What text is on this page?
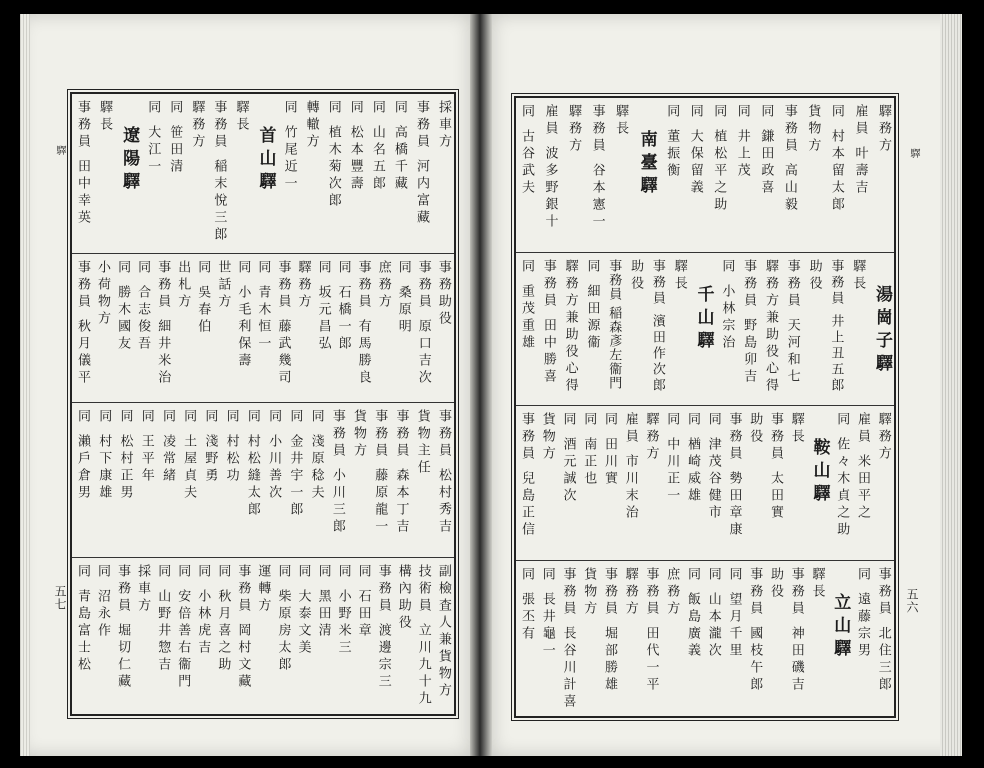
驛
五七
驛
五六
採車方
事務員 河内富藏
同 高橋千藏
同 山名五郎
同 松本豐壽
同 植木菊次郎
轉轍方
同 竹尾近一
首山驛
驛長
事務員 稲末悅三郎
驛務方
同 笹田清
同 大江一
遼陽驛
驛長
事務員 田中幸英
事務助役
事務員 原口吉次
同 桑原明
庶務方
事務員 有馬勝良
同 石橋一郎
同 坂元昌弘
驛務方
事務員 藤武幾司
同 青木恒一
同 小毛利保壽
世話方
同 吳春伯
出札方
事務員 細井米治
同 合志俊吾
同 勝木國友
小荷物方
事務員 秋月儀平
事務員 松村秀吉
貨物主任
事務員 森本丁吉
事務員 藤原龍一
貨物方
事務員 小川三郎
同 淺原稔夫
同 金井宇一郎
同 小川善次
同 村松縫太郎
同 村松功
同 淺野勇
同 土屋貞夫
同 凌常緒
同 王平年
同 松村正男
同 村下康雄
同 瀨戶倉男
副檢査人兼貨物方
技術員 立川九十九
構內助役
事務員 渡邊宗三
同 石田章
同 小野米三
同 黑田清
同 大泰文美
同 柴原房太郎
運轉方
事務員 岡村文藏
同 秋月喜之助
同 小林虎吉
同 安倍善右衞門
同 山野井惣吉
採車方
事務員 堀切仁藏
同 沼永作
同 青島富士松
驛務方
雇員 叶壽吉
同 村本留太郎
貨物方
事務員 高山毅
同 鎌田政喜
同 井上茂
同 植松平之助
同 大保留義
同 董振衡
南臺驛
驛長
事務員 谷本憲一
驛務方
雇員 波多野銀十
同 古谷武夫
湯崗子驛
驛長
事務員 井上丑五郎
助役
事務員 天河和七
驛務方兼助役心得
事務員 野島卯吉
同 小林宗治
千山驛
驛長
事務員 濱田作次郎
助役
事務員 稲森彥左衞門
同 細田源衞
驛務方兼助役心得
事務員 田中勝喜
同 重茂重雄
驛務方
雇員 米田平之
同 佐々木貞之助
鞍山驛
驛長
事務員 太田實
助役
事務員 勢田章康
同 津茂谷健市
同 楢崎威雄
同 中川正一
驛務方
雇員 市川末治
同 田川實
同 南正也
同 酒元誠次
貨物方
事務員 兒島正信
事務員 北住三郎
同 遠藤宗男
立山驛
驛長
事務員 神田磯吉
助役
事務員 國枝午郎
同 望月千里
同 山本瀧次
同 飯島廣義
庶務方
事務員 田代一平
驛務方
事務員 堀部勝雄
貨物方
事務員 長谷川計喜
同 長井龜一
同 張丕有
